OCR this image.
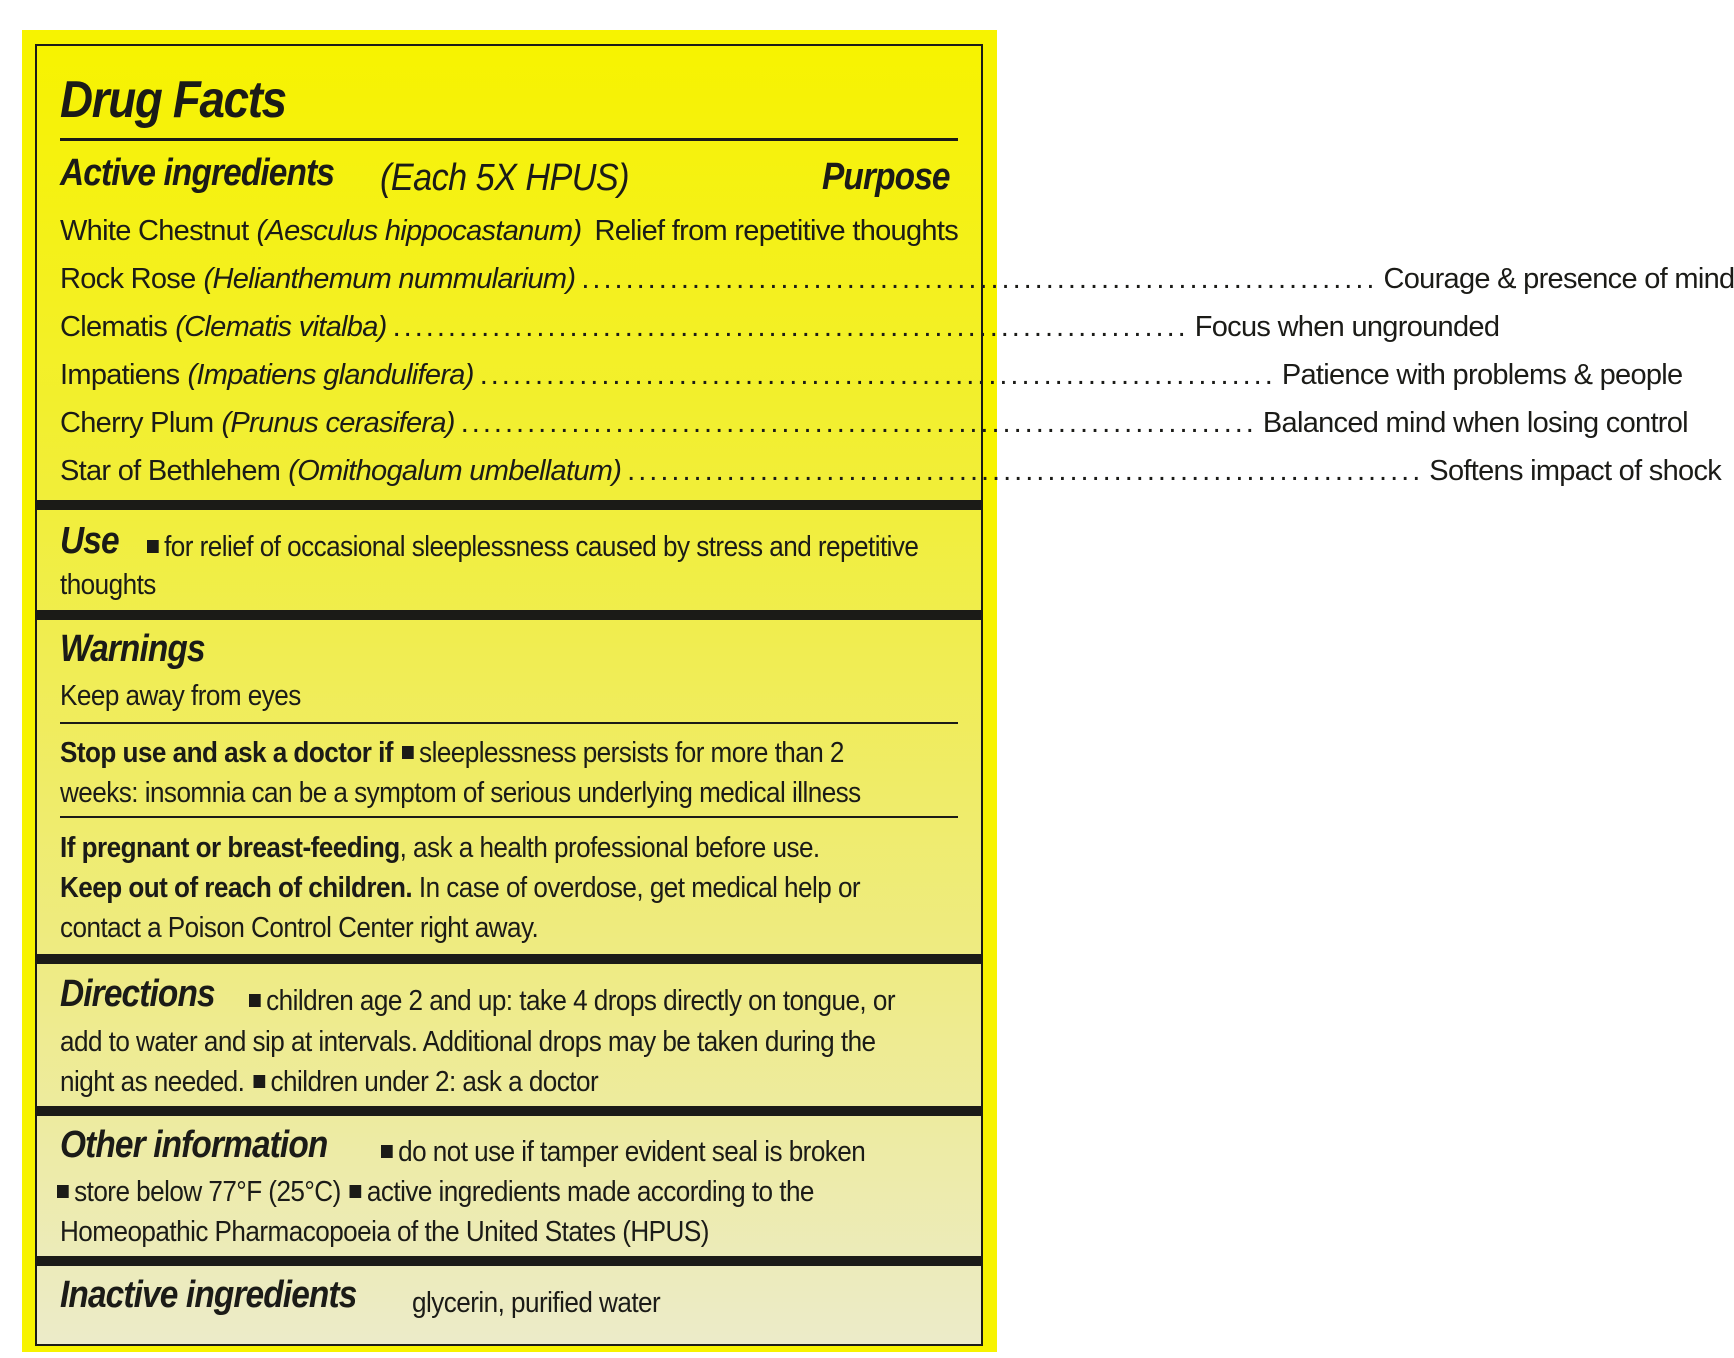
Drug Facts
Active ingredients	(Each 5X HPUS)	Purpose
White Chestnut (Aesculus hippocastanum) Relief from repetitive thoughts
Rock Rose (Helianthemum nummularium) ........................................................................ Courage & presence of mind
Clematis (Clematis vitalba) ........................................................................ Focus when ungrounded
Impatiens (Impatiens glandulifera) ........................................................................ Patience with problems & people
Cherry Plum (Prunus cerasifera) ........................................................................ Balanced mind when losing control
Star of Bethlehem (Omithogalum umbellatum) ........................................................................ Softens impact of shock
Use	for relief of occasional sleeplessness caused by stress and repetitive
thoughts
Warnings
Keep away from eyes
Stop use and ask a doctor if sleeplessness persists for more than 2
weeks: insomnia can be a symptom of serious underlying medical illness
If pregnant or breast-feeding, ask a health professional before use.
Keep out of reach of children. In case of overdose, get medical help or
contact a Poison Control Center right away.
Directions	children age 2 and up: take 4 drops directly on tongue, or
add to water and sip at intervals. Additional drops may be taken during the
night as needed. children under 2: ask a doctor
Other information	do not use if tamper evident seal is broken
store below 77°F (25°C) active ingredients made according to the
Homeopathic Pharmacopoeia of the United States (HPUS)
Inactive ingredients	glycerin, purified water
